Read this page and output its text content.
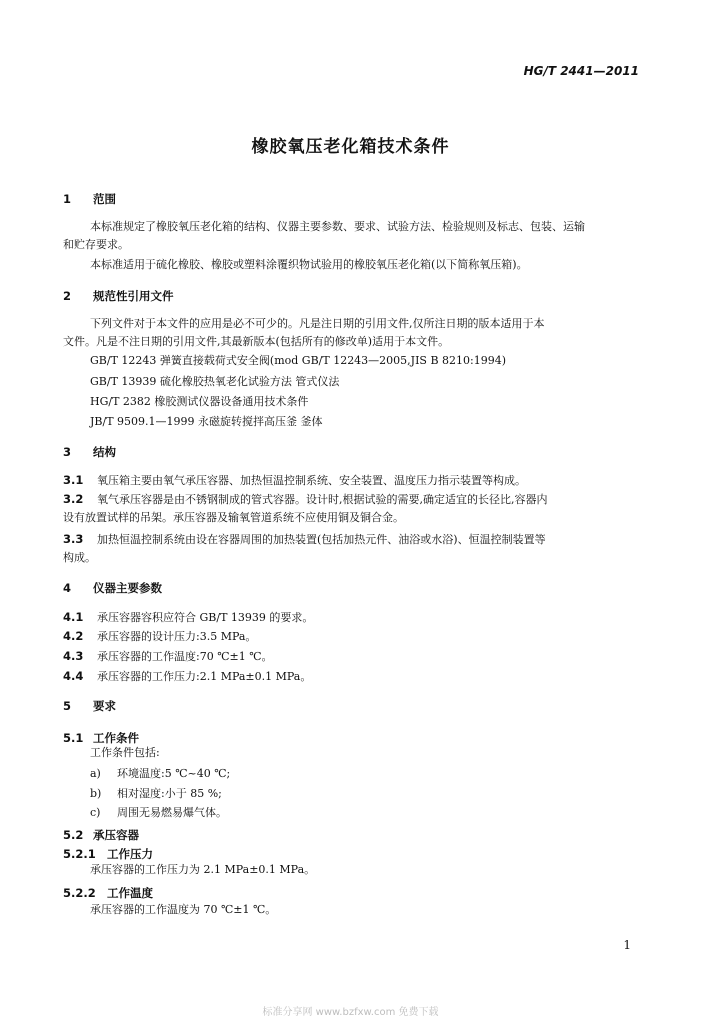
HG/T 2441—2011
橡胶氧压老化箱技术条件
1 范围
本标准规定了橡胶氧压老化箱的结构、仪器主要参数、要求、试验方法、检验规则及标志、包装、运输
和贮存要求。
本标准适用于硫化橡胶、橡胶或塑料涂覆织物试验用的橡胶氧压老化箱(以下简称氧压箱)。
2 规范性引用文件
下列文件对于本文件的应用是必不可少的。凡是注日期的引用文件,仅所注日期的版本适用于本
文件。凡是不注日期的引用文件,其最新版本(包括所有的修改单)适用于本文件。
GB/T 12243 弹簧直接载荷式安全阀(mod GB/T 12243—2005,JIS B 8210:1994)
GB/T 13939 硫化橡胶热氧老化试验方法 管式仪法
HG/T 2382 橡胶测试仪器设备通用技术条件
JB/T 9509.1—1999 永磁旋转搅拌高压釜 釜体
3 结构
3.1 氧压箱主要由氧气承压容器、加热恒温控制系统、安全装置、温度压力指示装置等构成。
3.2 氧气承压容器是由不锈钢制成的管式容器。设计时,根据试验的需要,确定适宜的长径比,容器内
设有放置试样的吊架。承压容器及输氧管道系统不应使用铜及铜合金。
3.3 加热恒温控制系统由设在容器周围的加热装置(包括加热元件、油浴或水浴)、恒温控制装置等
构成。
4 仪器主要参数
4.1 承压容器容积应符合 GB/T 13939 的要求。
4.2 承压容器的设计压力:3.5 MPa。
4.3 承压容器的工作温度:70 ℃±1 ℃。
4.4 承压容器的工作压力:2.1 MPa±0.1 MPa。
5 要求
5.1 工作条件
工作条件包括:
a) 环境温度:5 ℃~40 ℃;
b) 相对湿度:小于 85 %;
c) 周围无易燃易爆气体。
5.2 承压容器
5.2.1 工作压力
承压容器的工作压力为 2.1 MPa±0.1 MPa。
5.2.2 工作温度
承压容器的工作温度为 70 ℃±1 ℃。
1
标准分享网 www.bzfxw.com 免费下载
